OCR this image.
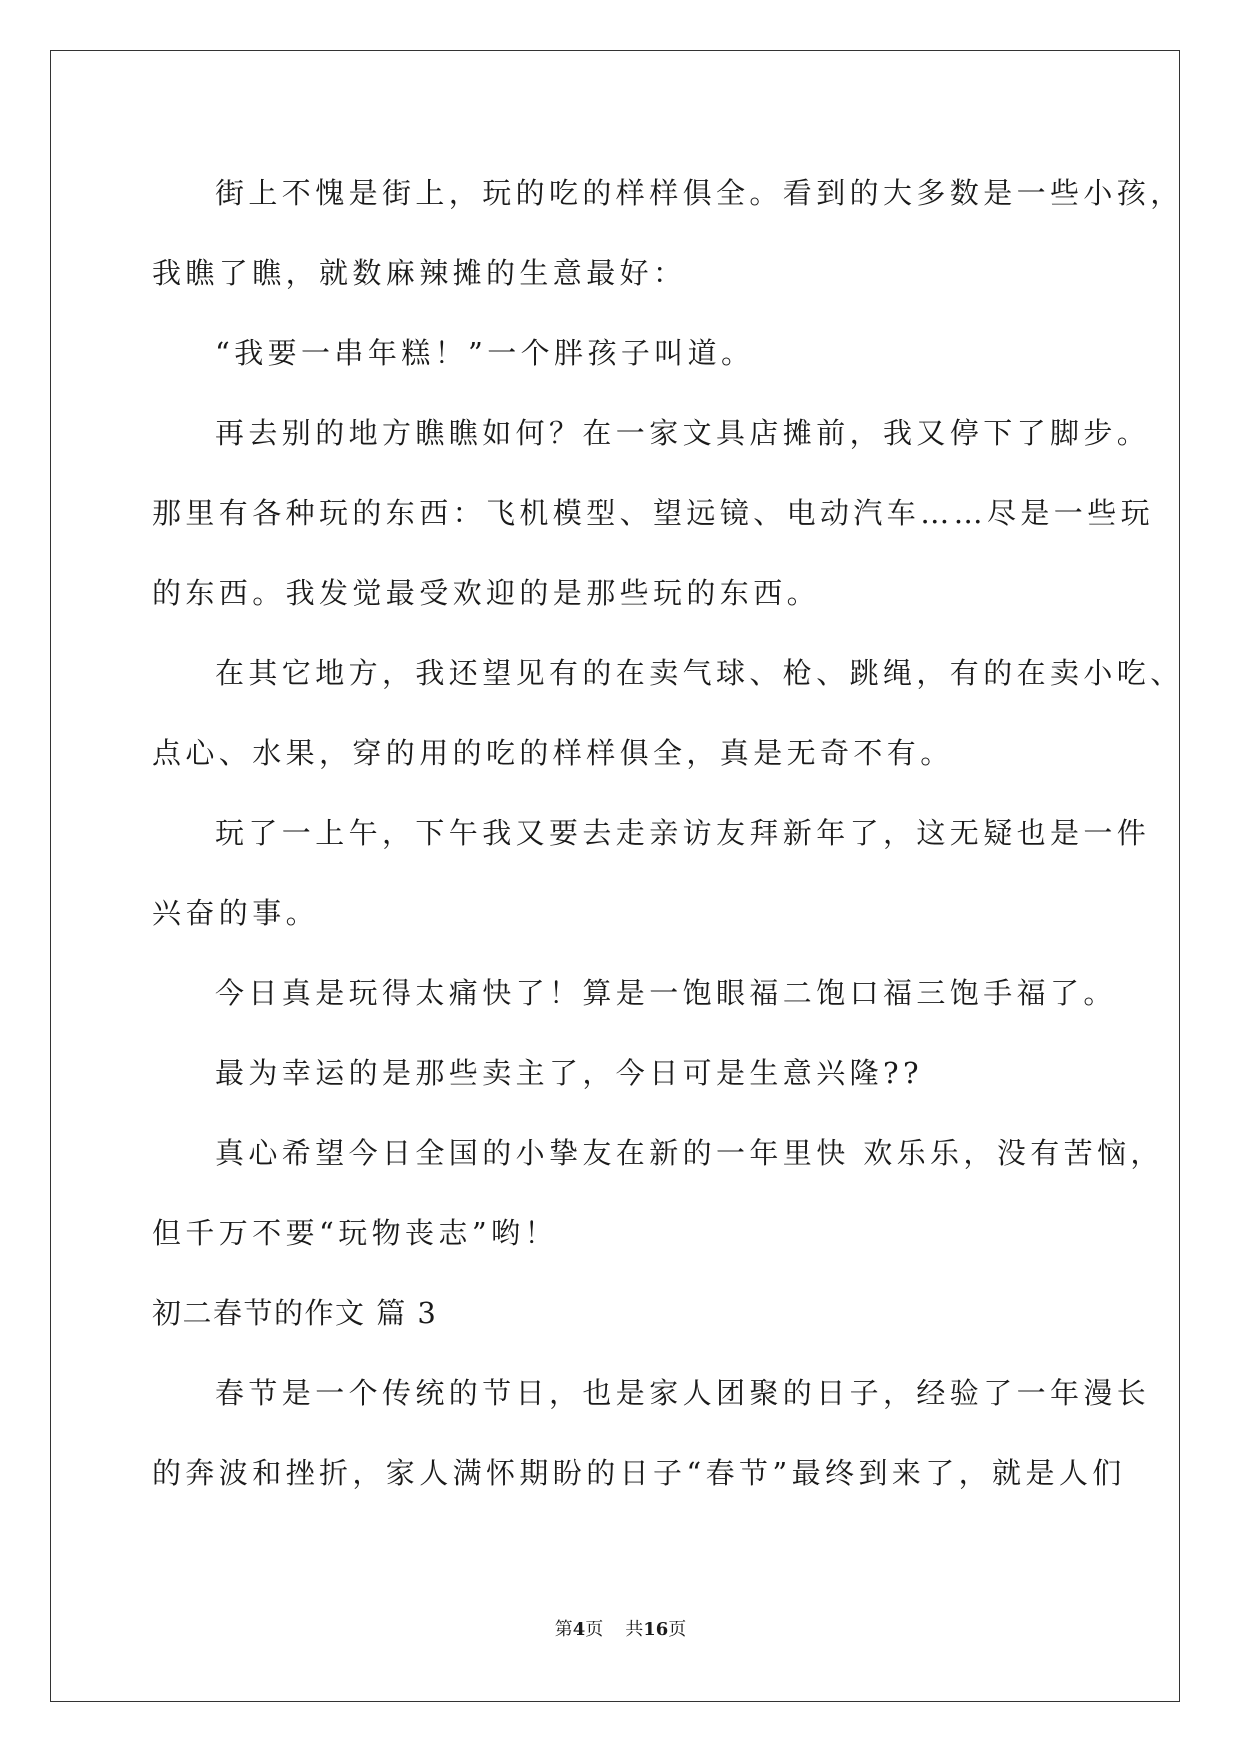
街上不愧是街上，玩的吃的样样俱全。看到的大多数是一些小孩，

我瞧了瞧，就数麻辣摊的生意最好：

“我要一串年糕！”一个胖孩子叫道。

再去别的地方瞧瞧如何？在一家文具店摊前，我又停下了脚步。

那里有各种玩的东西：飞机模型、望远镜、电动汽车……尽是一些玩

的东西。我发觉最受欢迎的是那些玩的东西。

在其它地方，我还望见有的在卖气球、枪、跳绳，有的在卖小吃、

点心、水果，穿的用的吃的样样俱全，真是无奇不有。

玩了一上午，下午我又要去走亲访友拜新年了，这无疑也是一件

兴奋的事。

今日真是玩得太痛快了！算是一饱眼福二饱口福三饱手福了。

最为幸运的是那些卖主了，今日可是生意兴隆??

真心希望今日全国的小挚友在新的一年里快 欢乐乐，没有苦恼，

但千万不要“玩物丧志”哟！

初二春节的作文 篇 3

春节是一个传统的节日，也是家人团聚的日子，经验了一年漫长

的奔波和挫折，家人满怀期盼的日子“春节”最终到来了，就是人们

第4页 共16页
